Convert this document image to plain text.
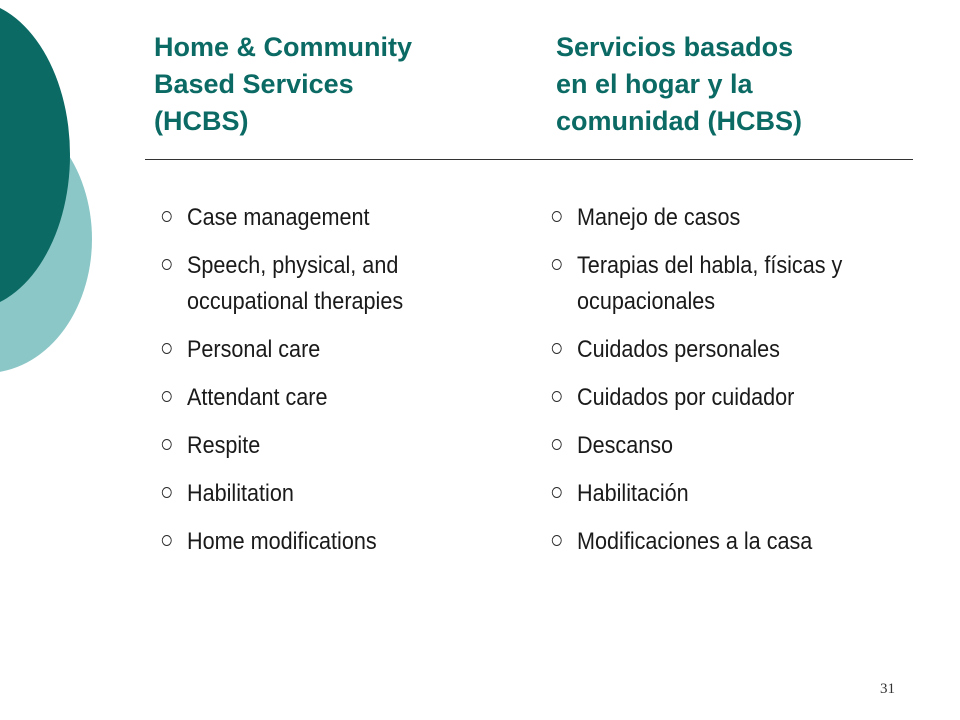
Home & Community
Based Services
(HCBS)
Servicios basados
en el hogar y la
comunidad (HCBS)
Case management
Speech, physical, and occupational therapies
Personal care
Attendant care
Respite
Habilitation
Home modifications
Manejo de casos
Terapias del habla, físicas y ocupacionales
Cuidados personales
Cuidados por cuidador
Descanso
Habilitación
Modificaciones a la casa
31
